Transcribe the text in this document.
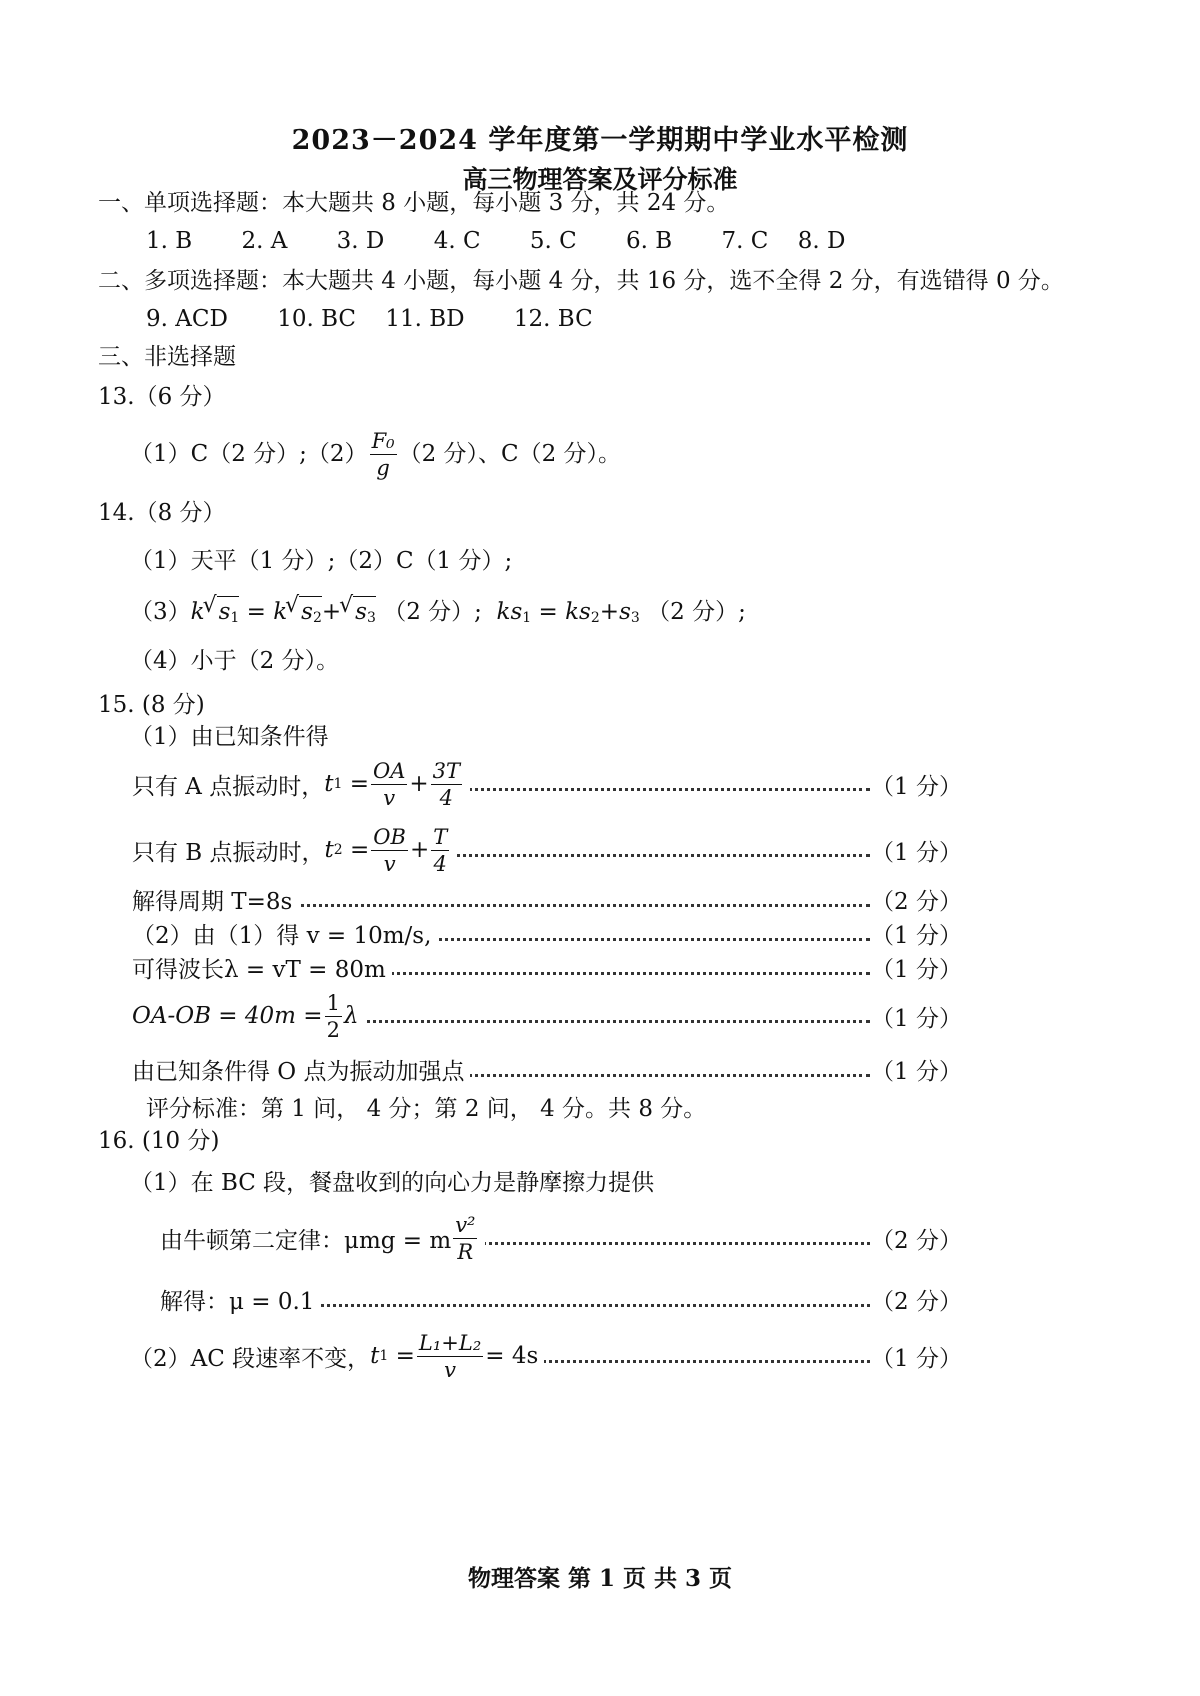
2023－2024 学年度第一学期期中学业水平检测
高三物理答案及评分标准
一、单项选择题：本大题共 8 小题，每小题 3 分，共 24 分。
1. B 2. A 3. D 4. C 5. C 6. B 7. C 8. D
二、多项选择题：本大题共 4 小题，每小题 4 分，共 16 分，选不全得 2 分，有选错得 0 分。
9. ACD 10. BC 11. BD 12. BC
三、非选择题
13.（6 分）
（1）C（2 分）;（2） $\frac{\text{F₀}}{g} (2$ 分）、C（2 分）。
14.（8 分）
（1）天平（1 分）;（2）C（1 分）;
（3）k√ $s_1 = k√$ $s_2+√$ $s_3$ （2 分）; $ks_1 = ks_2+s_3$ （2 分）;
（4）小于（2 分）。
15. (8 分)
（1）由已知条件得
只有 A 点振动时， t $1 = \frac{OA}{v} + \frac{3T}{4}$	（1 分）
只有 B 点振动时， t $2 = \frac{OB}{v} + \frac{T}{4}$	（1 分）
解得周期 T=8s	（2 分）
（2）由（1）得 v = 10m/s,	（1 分）
可得波长λ = vT = 80m	（1 分）
$OA-OB = 40m = \frac{1}{2}$ λ	（1 分）
由已知条件得 O 点为振动加强点	（1 分）
评分标准：第 1 问， 4 分；第 2 问， 4 分。共 8 分。
16. (10 分)
（1）在 BC 段，餐盘收到的向心力是静摩擦力提供
由牛顿第二定律：μmg = m $\frac{\text{v²}}{R}$	（2 分）
解得：μ = 0.1	（2 分）
（2）AC 段速率不变， t $1 = \frac{\text{L₁+L₂}}{v} = 4s$	（1 分）
物理答案 第 1 页 共 3 页
